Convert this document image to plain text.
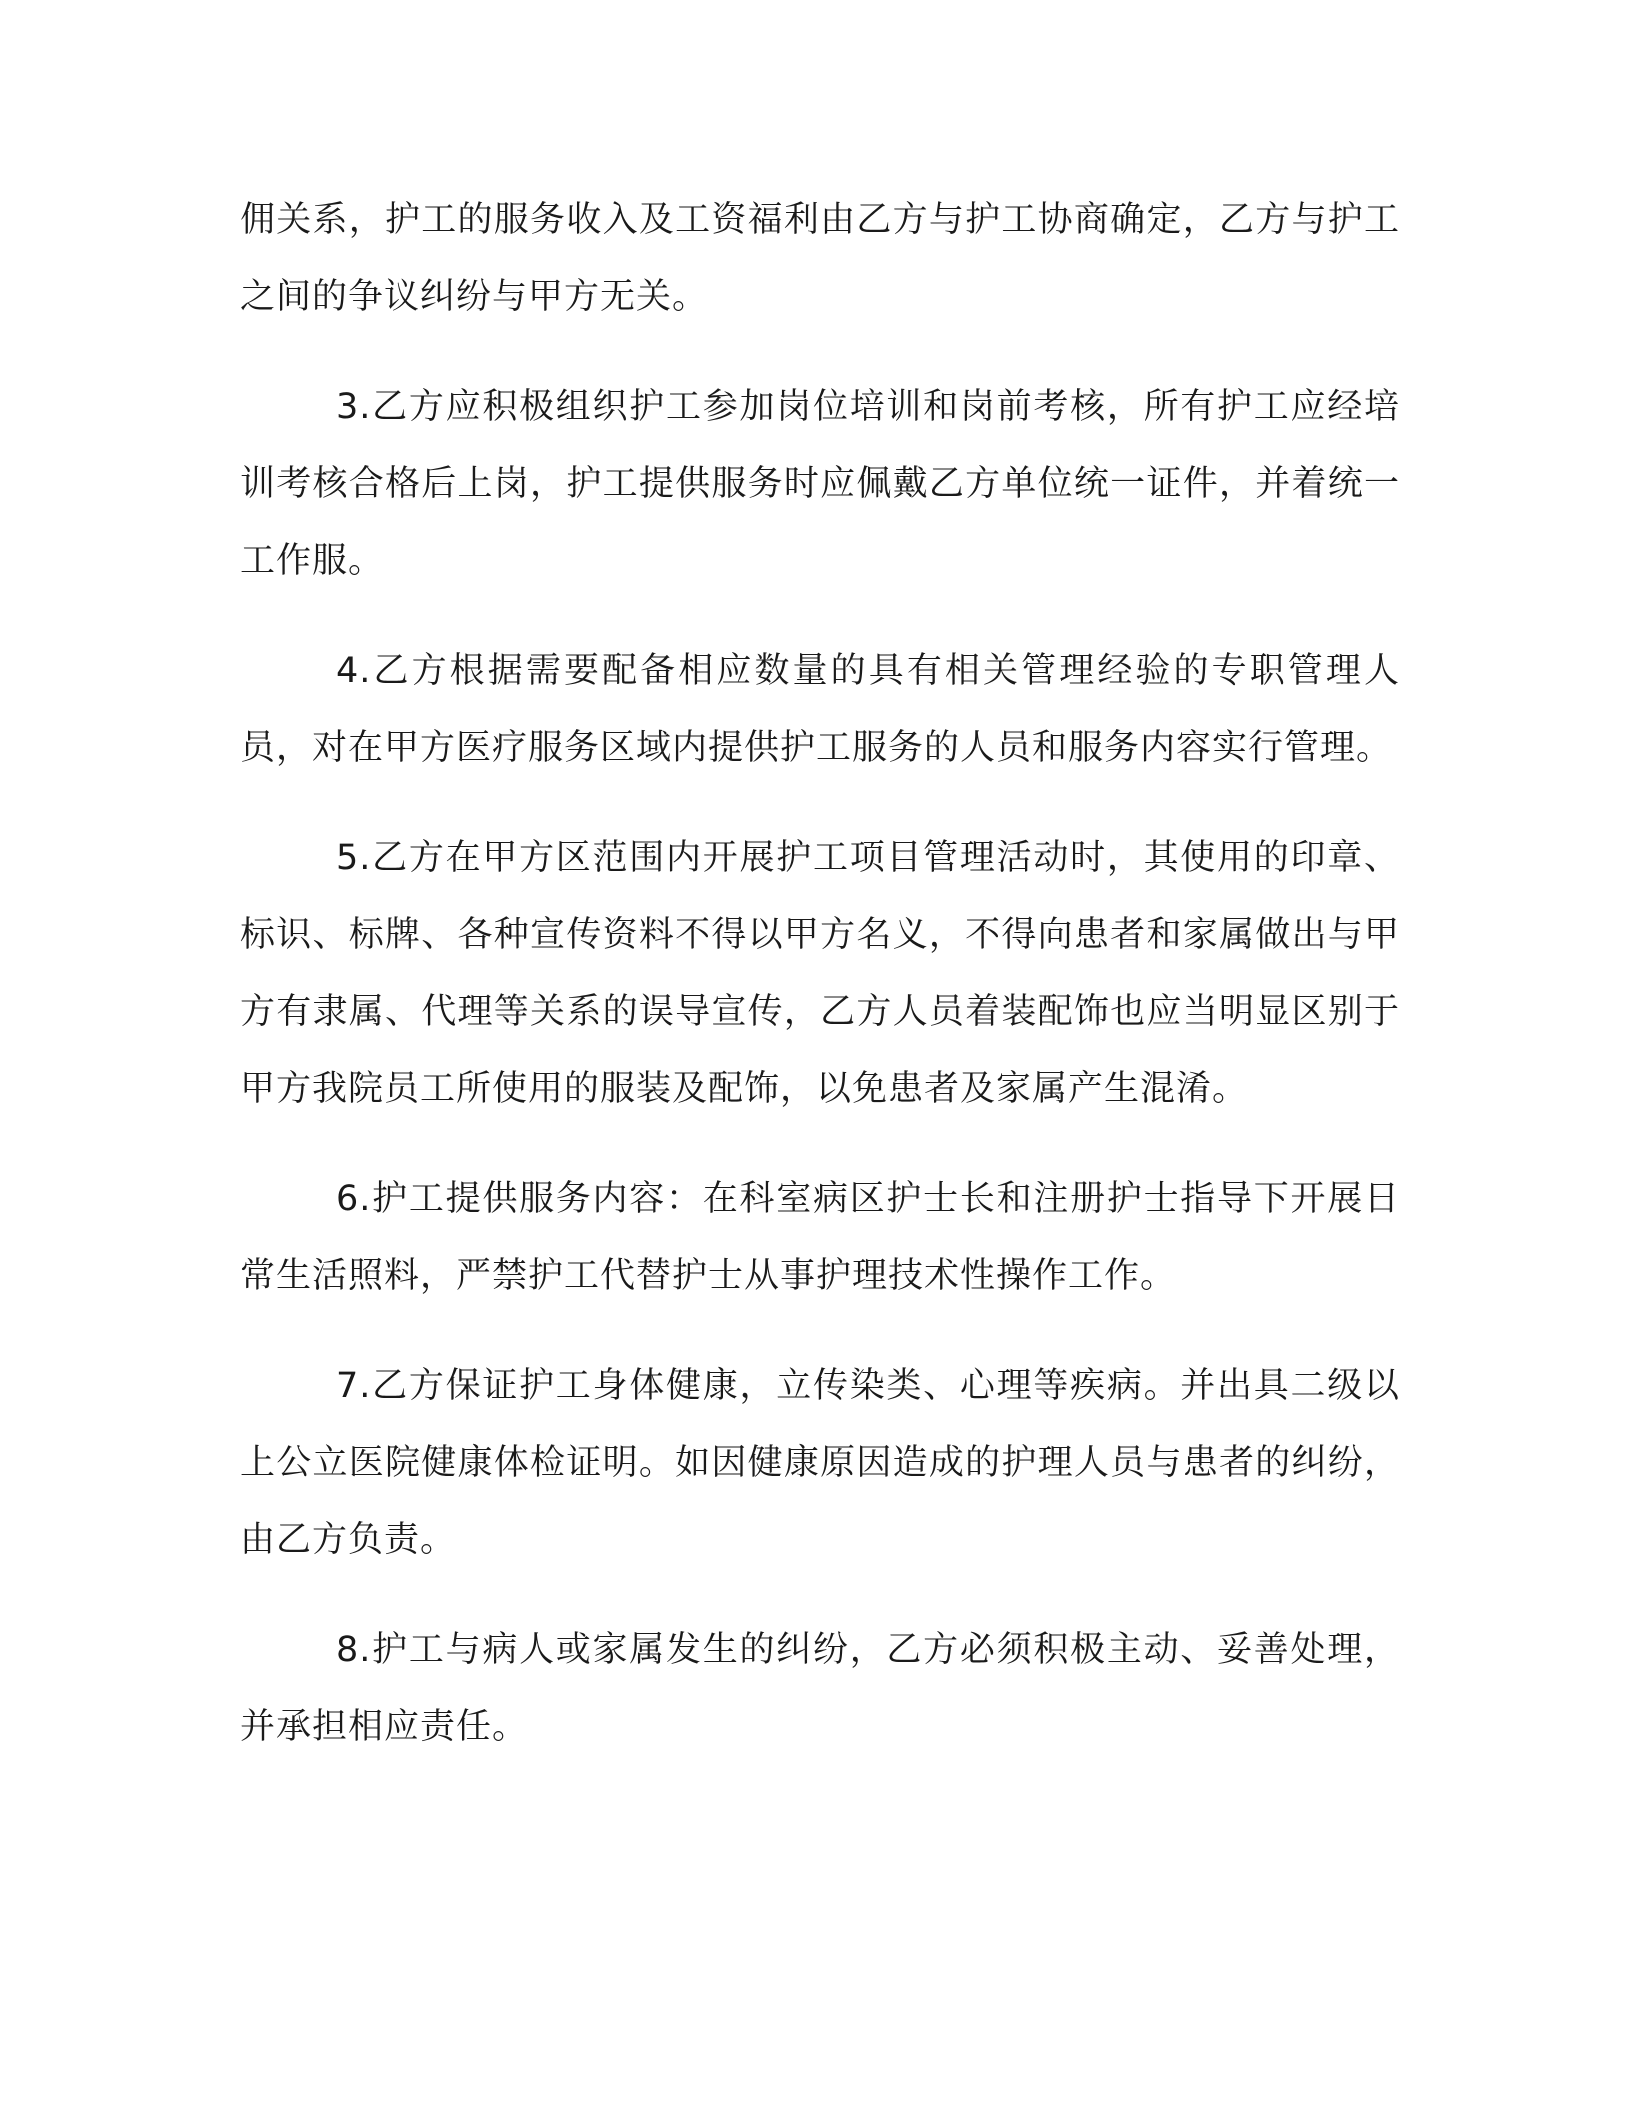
佣关系，护工的服务收入及工资福利由乙方与护工协商确定，乙方与护工之间的争议纠纷与甲方无关。

3.乙方应积极组织护工参加岗位培训和岗前考核，所有护工应经培训考核合格后上岗，护工提供服务时应佩戴乙方单位统一证件，并着统一工作服。

4.乙方根据需要配备相应数量的具有相关管理经验的专职管理人员，对在甲方医疗服务区域内提供护工服务的人员和服务内容实行管理。

5.乙方在甲方区范围内开展护工项目管理活动时，其使用的印章、标识、标牌、各种宣传资料不得以甲方名义，不得向患者和家属做出与甲方有隶属、代理等关系的误导宣传，乙方人员着装配饰也应当明显区别于甲方我院员工所使用的服装及配饰，以免患者及家属产生混淆。

6.护工提供服务内容：在科室病区护士长和注册护士指导下开展日常生活照料，严禁护工代替护士从事护理技术性操作工作。

7.乙方保证护工身体健康，立传染类、心理等疾病。并出具二级以上公立医院健康体检证明。如因健康原因造成的护理人员与患者的纠纷，由乙方负责。

8.护工与病人或家属发生的纠纷，乙方必须积极主动、妥善处理，并承担相应责任。
